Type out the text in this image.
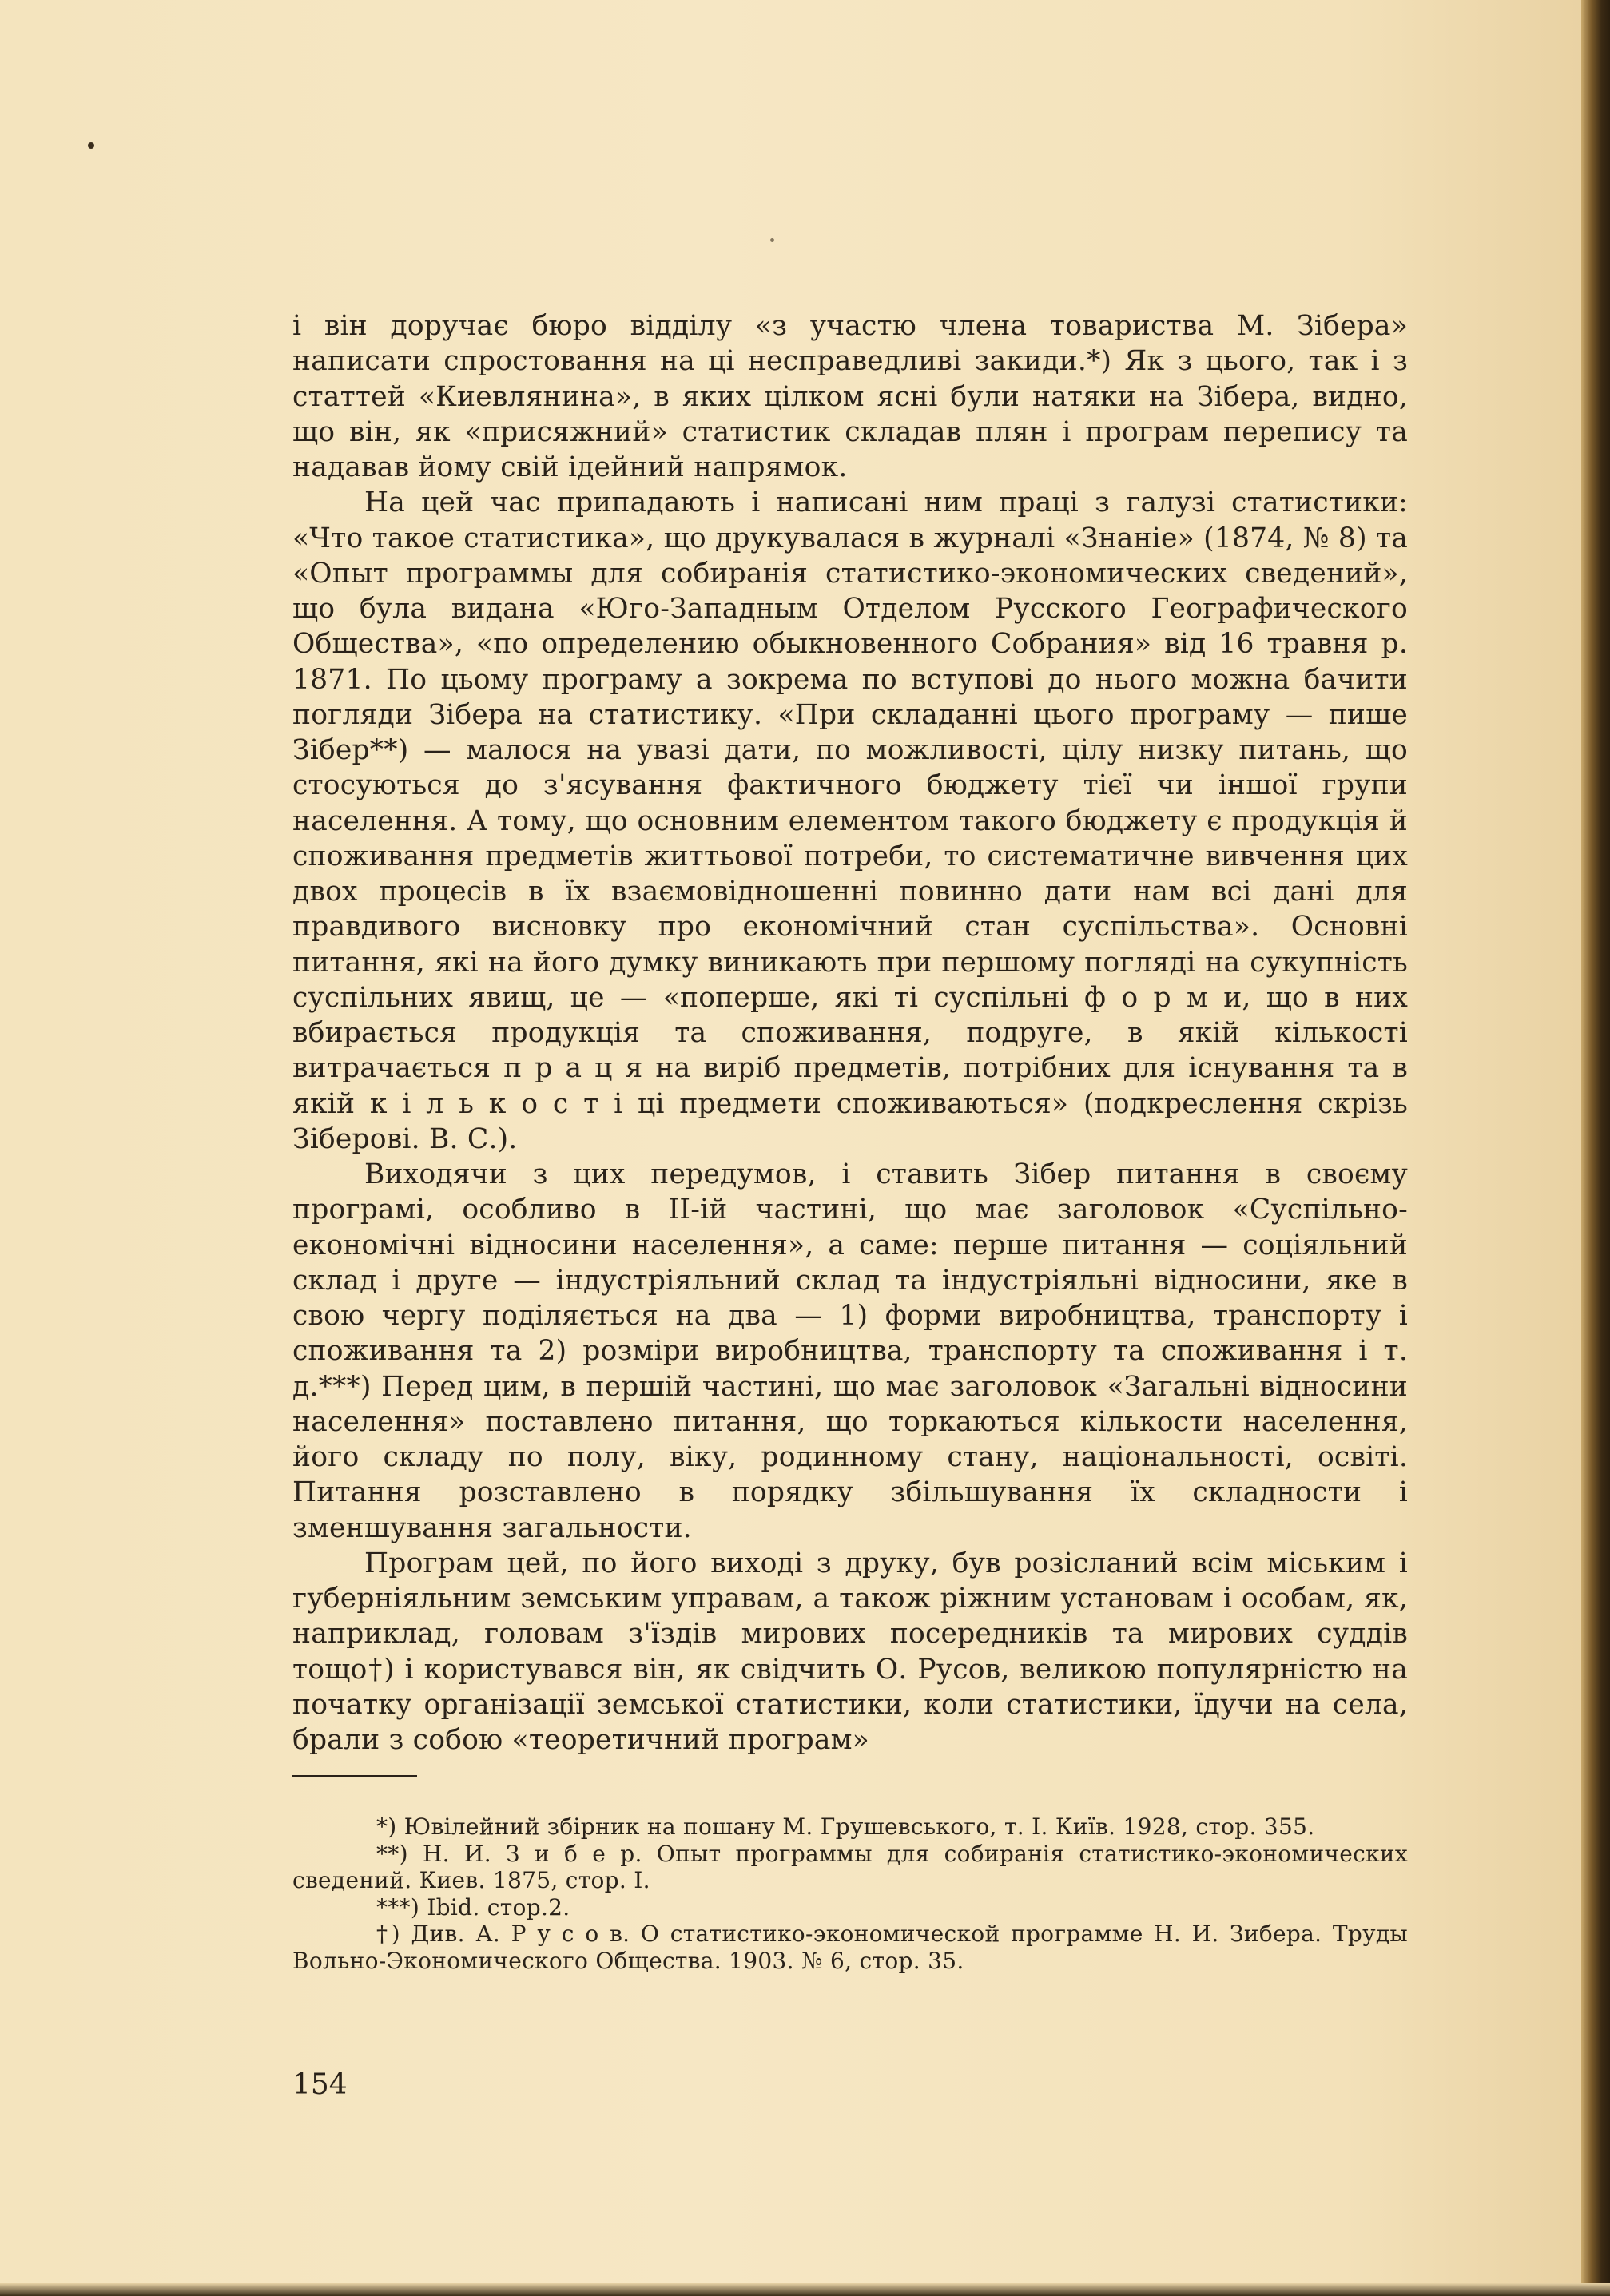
і він доручає бюро відділу «з участю члена товариства М. Зібера» написати спростовання на ці несправедливі закиди.*) Як з цього, так і з статтей «Киевлянина», в яких цілком ясні були натяки на Зібера, видно, що він, як «присяжний» статистик складав плян і програм перепису та надавав йому свій ідейний напрямок.

На цей час припадають і написані ним праці з галузі статистики: «Что такое статистика», що друкувалася в журналі «Знаніе» (1874, № 8) та «Опыт программы для собиранія статистико-экономических сведений», що була видана «Юго-Западным Отделом Русского Географического Общества», «по определению обыкновенного Собрания» від 16 травня р. 1871. По цьому програму а зокрема по вступові до нього можна бачити погляди Зібера на статистику. «При складанні цього програму — пише Зібер**) — малося на увазі дати, по можливості, цілу низку питань, що стосуються до з'ясування фактичного бюджету тієї чи іншої групи населення. А тому, що основним елементом такого бюджету є продукція й споживання предметів життьової потреби, то систематичне вивчення цих двох процесів в їх взаємовідношенні повинно дати нам всі дані для правдивого висновку про економічний стан суспільства». Основні питання, які на його думку виникають при першому погляді на сукупність суспільних явищ, це — «поперше, які ті суспільні ф о р м и, що в них вбирається продукція та споживання, подруге, в якій кількості витрачається п р а ц я на виріб предметів, потрібних для існування та в якій к і л ь к о с т і ці предмети споживаються» (подкреслення скрізь Зіберові. В. С.).

Виходячи з цих передумов, і ставить Зібер питання в своєму програмі, особливо в ІІ-ій частині, що має заголовок «Суспільно-економічні відносини населення», а саме: перше питання — соціяльний склад і друге — індустріяльний склад та індустріяльні відносини, яке в свою чергу поділяється на два — 1) форми виробництва, транспорту і споживання та 2) розміри виробництва, транспорту та споживання і т. д.***) Перед цим, в першій частині, що має заголовок «Загальні відносини населення» поставлено питання, що торкаються кількости населення, його складу по полу, віку, родинному стану, національності, освіті. Питання розставлено в порядку збільшування їх складности і зменшування загальности.

Програм цей, по його виході з друку, був розісланий всім міським і губерніяльним земським управам, а також ріжним установам і особам, як, наприклад, головам з'їздів мирових посередників та мирових суддів тощо†) і користувався він, як свідчить О. Русов, великою популярністю на початку організації земської статистики, коли статистики, їдучи на села, брали з собою «теоретичний програм»

*) Ювілейний збірник на пошану М. Грушевського, т. І. Київ. 1928, стор. 355.

**) Н. И. З и б е р. Опыт программы для собиранія статистико-экономических сведений. Киев. 1875, стор. І.

***) Ibid. стор.2.

†) Див. А. Р у с о в. О статистико-экономической программе Н. И. Зибера. Труды Вольно-Экономического Общества. 1903. № 6, стор. 35.

154
